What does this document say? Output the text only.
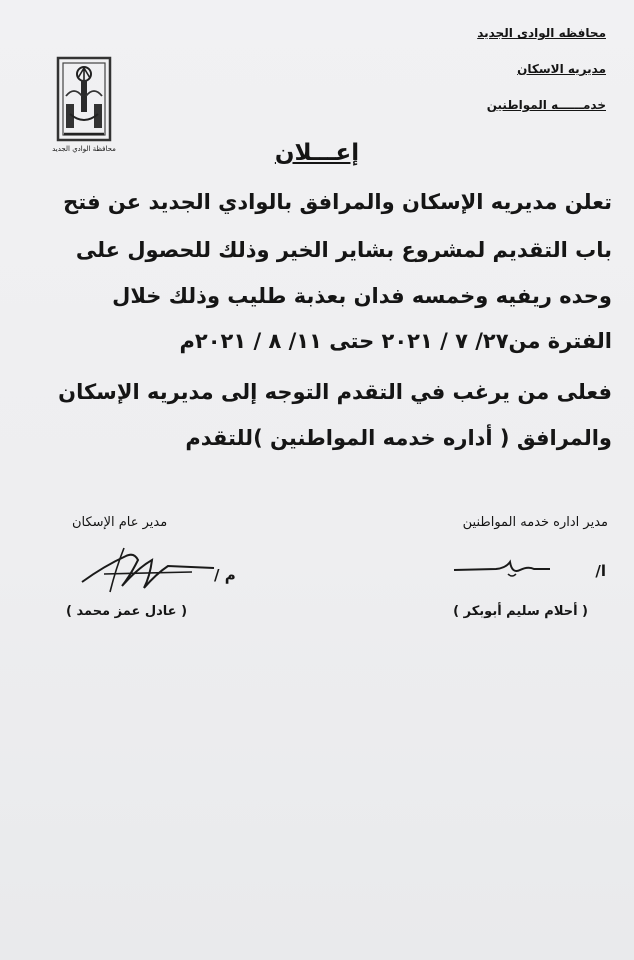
محافظه الوادى الجديد
مديريه الاسكان
خدمــــــه المواطنين
محافظة الوادي الجديد	إعـــلان
تعلن مديريه الإسكان والمرافق بالوادي الجديد عن فتح
باب التقديم لمشروع بشاير الخير وذلك للحصول على
وحده ريفيه وخمسه فدان بعذبة طليب وذلك خلال
الفترة من٢٧/ ٧ / ٢٠٢١ حتى ١١/ ٨ / ٢٠٢١م
فعلى من يرغب في التقدم التوجه إلى مديريه الإسكان
والمرافق ( أداره خدمه المواطنين )للتقدم
مدير اداره خدمه المواطنين
مدير عام الإسكان
ا/
م /
( أحلام سليم أبوبكر )
( عادل عمز محمد )
